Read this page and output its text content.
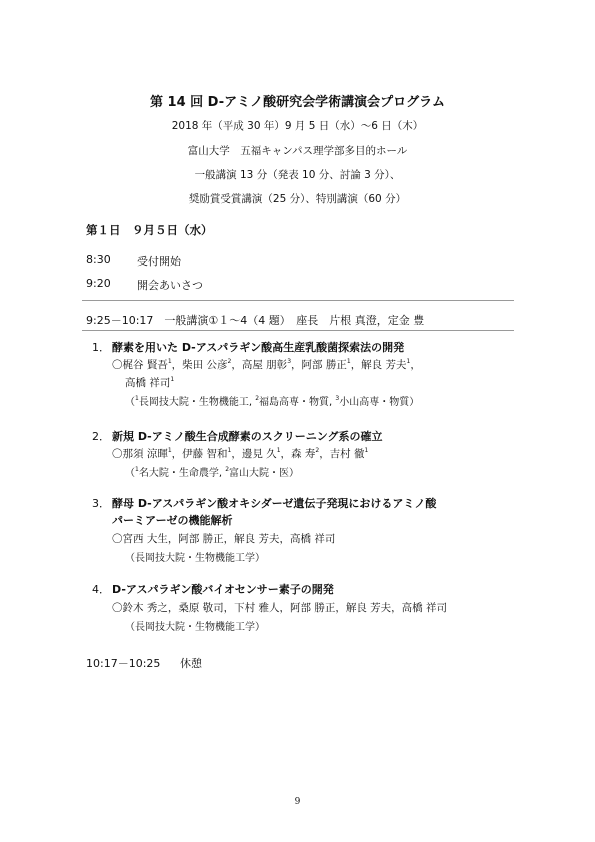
第 14 回 D-アミノ酸研究会学術講演会プログラム
2018 年（平成 30 年）9 月 5 日（水）～6 日（木）
富山大学　五福キャンパス理学部多目的ホール
一般講演 13 分（発表 10 分、討論 3 分）、
奨励賞受賞講演（25 分）、特別講演（60 分）
第１日　９月５日（水）
8:30 受付開始
9:20 開会あいさつ
9:25－10:17　一般講演①１～4（4 題）　座長　片根 真澄，定金 豊
1． 酵素を用いた D-アスパラギン酸高生産乳酸菌探索法の開発
〇梶谷 賢吾$^1$，柴田 公彦$^2$，高屋 朋彰$^3$，阿部 勝正$^1$，解良 芳夫$^1$，
高橋 祥司$^1$
（$^1$長岡技大院・生物機能工, $^2$福島高専・物質, $^3$小山高専・物質）
2． 新規 D-アミノ酸生合成酵素のスクリーニング系の確立
〇那須 涼暉$^1$，伊藤 智和$^1$，邊見 久$^1$，森 寿$^2$，吉村 徹$^1$
（$^1$名大院・生命農学, $^2$富山大院・医）
3． 酵母 D-アスパラギン酸オキシダーゼ遺伝子発現におけるアミノ酸
パーミアーゼの機能解析
〇宮西 大生，阿部 勝正，解良 芳夫，高橋 祥司
（長岡技大院・生物機能工学）
4． D-アスパラギン酸バイオセンサー素子の開発
〇鈴木 秀之，桑原 敬司，下村 雅人，阿部 勝正，解良 芳夫，高橋 祥司
（長岡技大院・生物機能工学）
10:17－10:25 休憩
9
